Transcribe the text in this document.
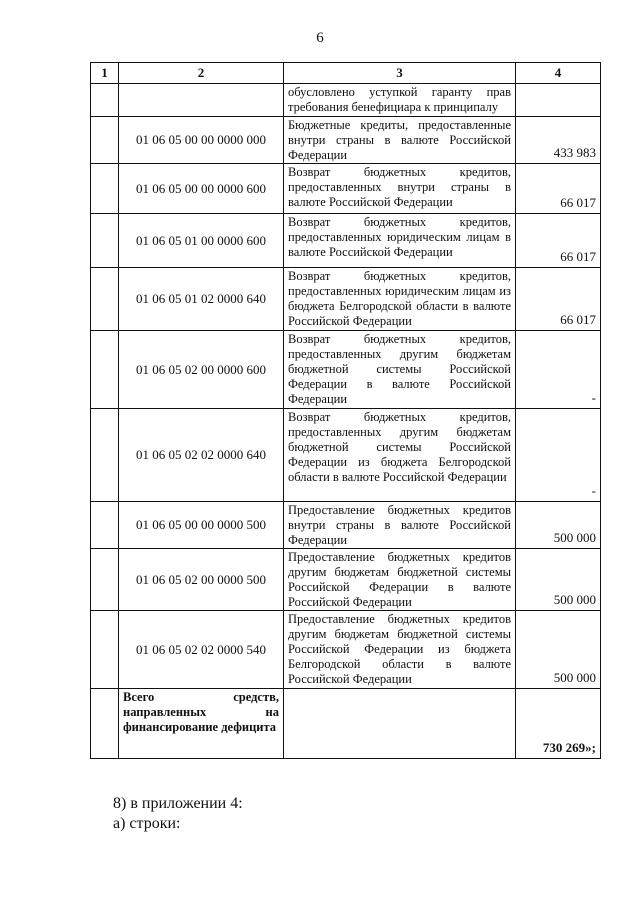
6
1	2	3	4
		обусловлено уступкой гаранту прав требования бенефициара к принципалу	
	01 06 05 00 00 0000 000	Бюджетные кредиты, предоставленные внутри страны в валюте Российской Федерации	433 983
	01 06 05 00 00 0000 600	Возврат бюджетных кредитов, предоставленных внутри страны в валюте Российской Федерации	66 017
	01 06 05 01 00 0000 600	Возврат бюджетных кредитов, предоставленных юридическим лицам в валюте Российской Федерации	66 017
	01 06 05 01 02 0000 640	Возврат бюджетных кредитов, предоставленных юридическим лицам из бюджета Белгородской области в валюте Российской Федерации	66 017
	01 06 05 02 00 0000 600	Возврат бюджетных кредитов, предоставленных другим бюджетам бюджетной системы Российской Федерации в валюте Российской Федерации	-
	01 06 05 02 02 0000 640	Возврат бюджетных кредитов, предоставленных другим бюджетам бюджетной системы Российской Федерации из бюджета Белгородской области в валюте Российской Федерации	-
	01 06 05 00 00 0000 500	Предоставление бюджетных кредитов внутри страны в валюте Российской Федерации	500 000
	01 06 05 02 00 0000 500	Предоставление бюджетных кредитов другим бюджетам бюджетной системы Российской Федерации в валюте Российской Федерации	500 000
	01 06 05 02 02 0000 540	Предоставление бюджетных кредитов другим бюджетам бюджетной системы Российской Федерации из бюджета Белгородской области в валюте Российской Федерации	500 000
	Всего средств, направленных на финансирование дефицита		730 269»;
8) в приложении 4:
а) строки:
